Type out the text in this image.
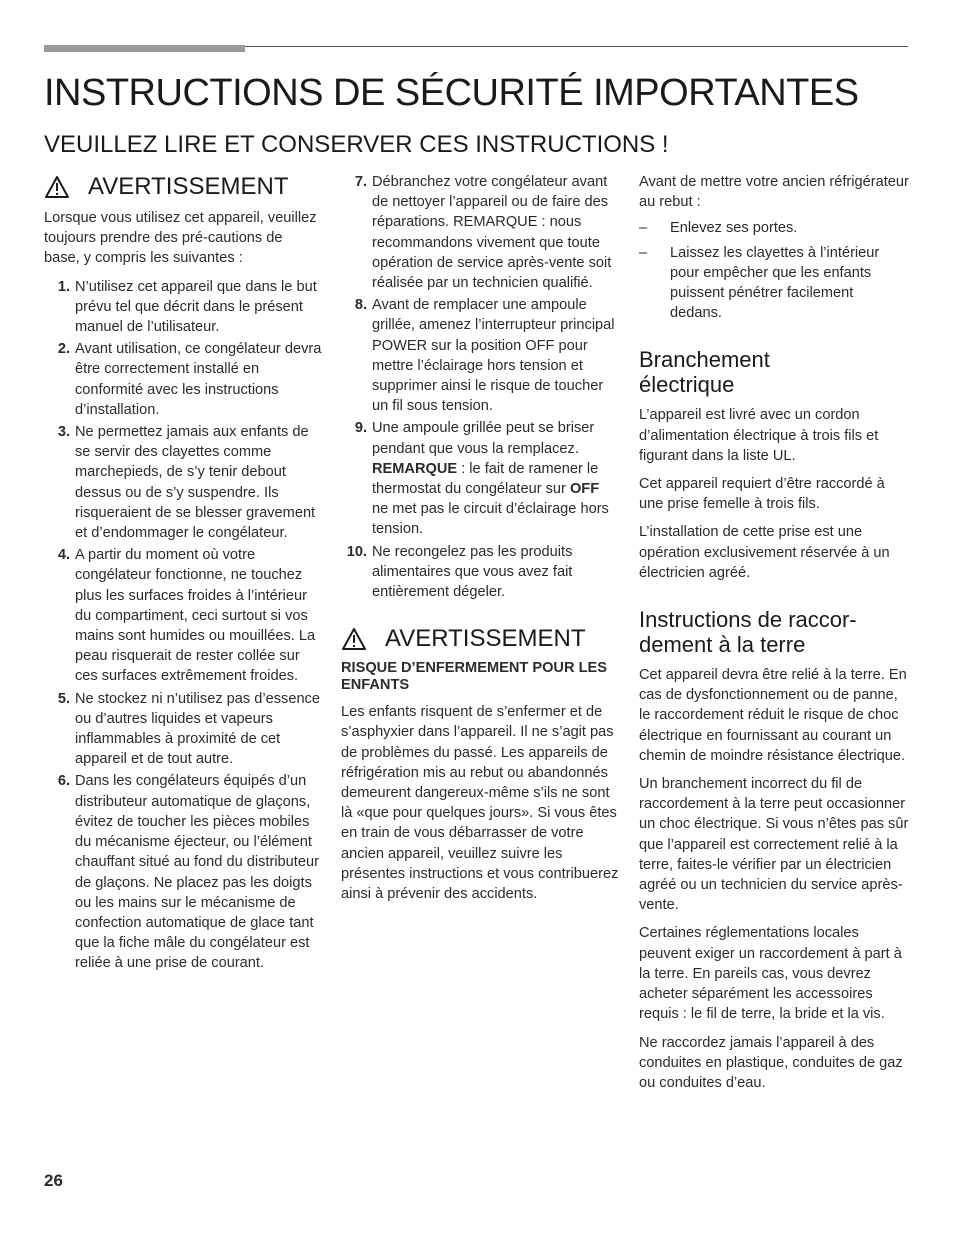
INSTRUCTIONS DE SÉCURITÉ IMPORTANTES
VEUILLEZ LIRE ET CONSERVER CES INSTRUCTIONS !
AVERTISSEMENT

Lorsque vous utilisez cet appareil, veuillez toujours prendre des pré-cautions de base, y compris les suivantes :

1. N’utilisez cet appareil que dans le but prévu tel que décrit dans le présent manuel de l’utilisateur.
2. Avant utilisation, ce congélateur devra être correctement installé en conformité avec les instructions d’installation.
3. Ne permettez jamais aux enfants de se servir des clayettes comme marchepieds, de s’y tenir debout dessus ou de s’y suspendre. Ils risqueraient de se blesser gravement et d’endommager le congélateur.
4. A partir du moment où votre congélateur fonctionne, ne touchez plus les surfaces froides à l’intérieur du compartiment, ceci surtout si vos mains sont humides ou mouillées. La peau risquerait de rester collée sur ces surfaces extrêmement froides.
5. Ne stockez ni n’utilisez pas d’essence ou d’autres liquides et vapeurs inflammables à proximité de cet appareil et de tout autre.
6. Dans les congélateurs équipés d’un distributeur automatique de glaçons, évitez de toucher les pièces mobiles du mécanisme éjecteur, ou l’élément chauffant situé au fond du distributeur de glaçons. Ne placez pas les doigts ou les mains sur le mécanisme de confection automatique de glace tant que la fiche mâle du congélateur est reliée à une prise de courant.
7. Débranchez votre congélateur avant de nettoyer l’appareil ou de faire des réparations. REMARQUE : nous recommandons vivement que toute opération de service après-vente soit réalisée par un technicien qualifié.
8. Avant de remplacer une ampoule grillée, amenez l’interrupteur principal POWER sur la position OFF pour mettre l’éclairage hors tension et supprimer ainsi le risque de toucher un fil sous tension.
9. Une ampoule grillée peut se briser pendant que vous la remplacez.
REMARQUE : le fait de ramener le thermostat du congélateur sur OFF ne met pas le circuit d’éclairage hors tension.
10. Ne recongelez pas les produits alimentaires que vous avez fait entièrement dégeler.
AVERTISSEMENT
RISQUE D’ENFERMEMENT POUR LES ENFANTS

Les enfants risquent de s’enfermer et de s’asphyxier dans l’appareil. Il ne s’agit pas de problèmes du passé. Les appareils de réfrigération mis au rebut ou abandonnés demeurent dangereux-même s’ils ne sont là «que pour quelques jours». Si vous êtes en train de vous débarrasser de votre ancien appareil, veuillez suivre les présentes instructions et vous contribuerez ainsi à prévenir des accidents.

Avant de mettre votre ancien réfrigérateur au rebut :

– Enlevez ses portes.
– Laissez les clayettes à l’intérieur pour empêcher que les enfants puissent pénétrer facilement dedans.
Branchement électrique

L’appareil est livré avec un cordon d’alimentation électrique à trois fils et figurant dans la liste UL.

Cet appareil requiert d’être raccordé à une prise femelle à trois fils.

L’installation de cette prise est une opération exclusivement réservée à un électricien agréé.

Instructions de raccor-dement à la terre

Cet appareil devra être relié à la terre. En cas de dysfonctionnement ou de panne, le raccordement réduit le risque de choc électrique en fournissant au courant un chemin de moindre résistance électrique.

Un branchement incorrect du fil de raccordement à la terre peut occasionner un choc électrique. Si vous n’êtes pas sûr que l’appareil est correctement relié à la terre, faites-le vérifier par un électricien agréé ou un technicien du service après-vente.

Certaines réglementations locales peuvent exiger un raccordement à part à la terre. En pareils cas, vous devrez acheter séparément les accessoires requis : le fil de terre, la bride et la vis.

Ne raccordez jamais l’appareil à des conduites en plastique, conduites de gaz ou conduites d’eau.

26
